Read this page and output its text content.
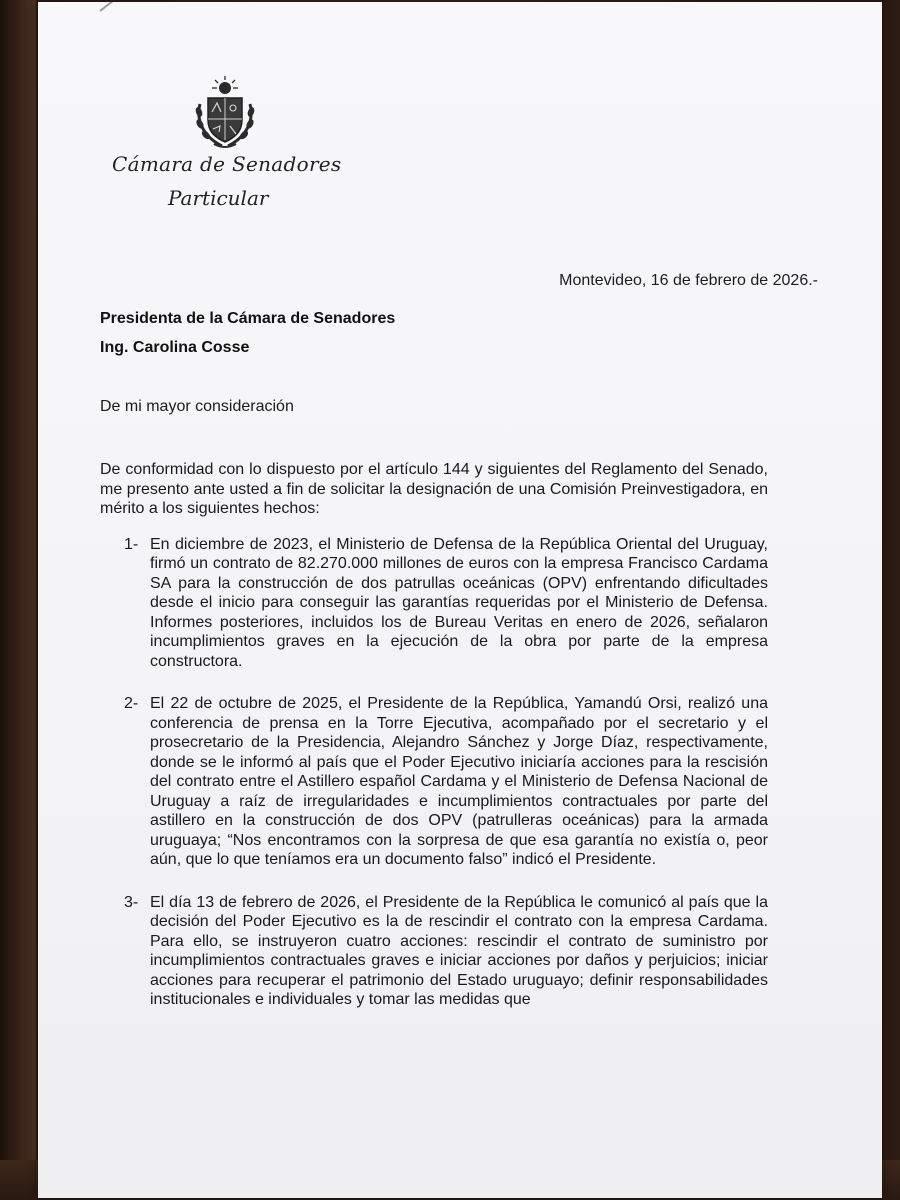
Cámara de Senadores
Particular
Montevideo, 16 de febrero de 2026.-
Presidenta de la Cámara de Senadores
Ing. Carolina Cosse
De mi mayor consideración
De conformidad con lo dispuesto por el artículo 144 y siguientes del Reglamento del Senado, me presento ante usted a fin de solicitar la designación de una Comisión Preinvestigadora, en mérito a los siguientes hechos:
1- En diciembre de 2023, el Ministerio de Defensa de la República Oriental del Uruguay, firmó un contrato de 82.270.000 millones de euros con la empresa Francisco Cardama SA para la construcción de dos patrullas oceánicas (OPV) enfrentando dificultades desde el inicio para conseguir las garantías requeridas por el Ministerio de Defensa. Informes posteriores, incluidos los de Bureau Veritas en enero de 2026, señalaron incumplimientos graves en la ejecución de la obra por parte de la empresa constructora.
2- El 22 de octubre de 2025, el Presidente de la República, Yamandú Orsi, realizó una conferencia de prensa en la Torre Ejecutiva, acompañado por el secretario y el prosecretario de la Presidencia, Alejandro Sánchez y Jorge Díaz, respectivamente, donde se le informó al país que el Poder Ejecutivo iniciaría acciones para la rescisión del contrato entre el Astillero español Cardama y el Ministerio de Defensa Nacional de Uruguay a raíz de irregularidades e incumplimientos contractuales por parte del astillero en la construcción de dos OPV (patrulleras oceánicas) para la armada uruguaya; “Nos encontramos con la sorpresa de que esa garantía no existía o, peor aún, que lo que teníamos era un documento falso” indicó el Presidente.
3- El día 13 de febrero de 2026, el Presidente de la República le comunicó al país que la decisión del Poder Ejecutivo es la de rescindir el contrato con la empresa Cardama. Para ello, se instruyeron cuatro acciones: rescindir el contrato de suministro por incumplimientos contractuales graves e iniciar acciones por daños y perjuicios; iniciar acciones para recuperar el patrimonio del Estado uruguayo; definir responsabilidades institucionales e individuales y tomar las medidas que
